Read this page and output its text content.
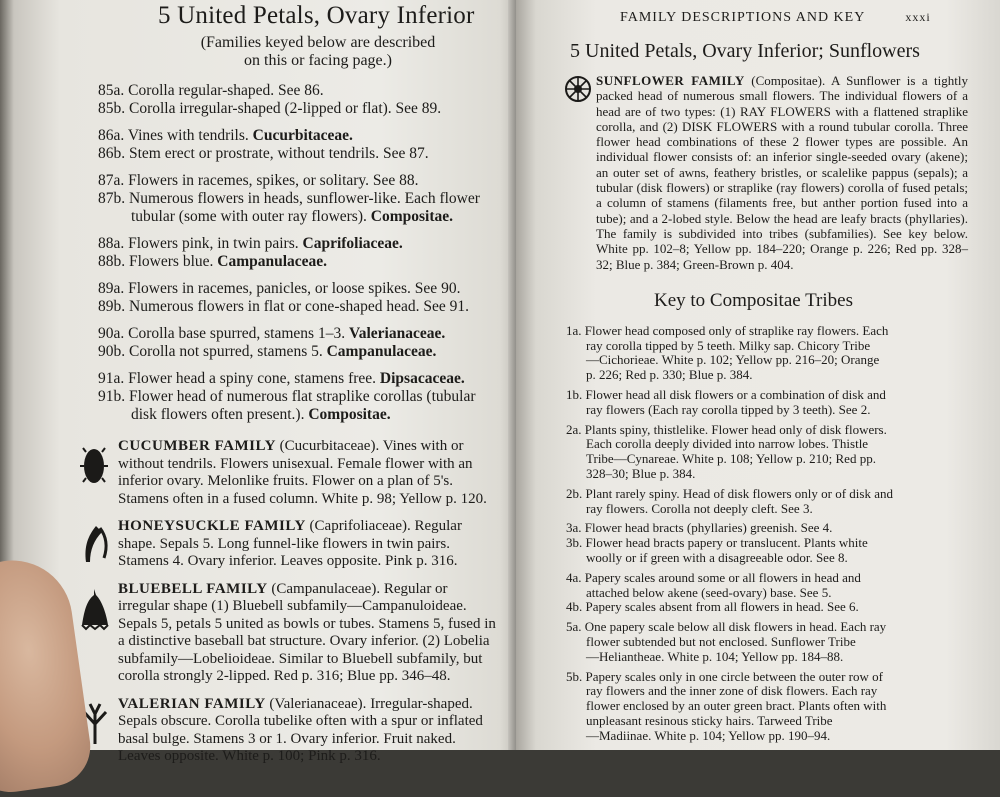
5 United Petals, Ovary Inferior
(Families keyed below are described
on this or facing page.)
85a. Corolla regular-shaped. See 86.
85b. Corolla irregular-shaped (2-lipped or flat). See 89.
86a. Vines with tendrils. Cucurbitaceae.
86b. Stem erect or prostrate, without tendrils. See 87.
87a. Flowers in racemes, spikes, or solitary. See 88.
87b. Numerous flowers in heads, sunflower-like. Each flower
tubular (some with outer ray flowers). Compositae.
88a. Flowers pink, in twin pairs. Caprifoliaceae.
88b. Flowers blue. Campanulaceae.
89a. Flowers in racemes, panicles, or loose spikes. See 90.
89b. Numerous flowers in flat or cone-shaped head. See 91.
90a. Corolla base spurred, stamens 1–3. Valerianaceae.
90b. Corolla not spurred, stamens 5. Campanulaceae.
91a. Flower head a spiny cone, stamens free. Dipsacaceae.
91b. Flower head of numerous flat straplike corollas (tubular
disk flowers often present.). Compositae.
CUCUMBER FAMILY (Cucurbitaceae). Vines with or without tendrils. Flowers unisexual. Female flower with an inferior ovary. Melonlike fruits. Flower on a plan of 5's. Stamens often in a fused column. White p. 98; Yellow p. 120.
HONEYSUCKLE FAMILY (Caprifoliaceae). Regular shape. Sepals 5. Long funnel-like flowers in twin pairs. Stamens 4. Ovary inferior. Leaves opposite. Pink p. 316.
BLUEBELL FAMILY (Campanulaceae). Regular or irregular shape (1) Bluebell subfamily—Campanuloideae. Sepals 5, petals 5 united as bowls or tubes. Stamens 5, fused in a distinctive baseball bat structure. Ovary inferior. (2) Lobelia subfamily—Lobelioideae. Similar to Bluebell subfamily, but corolla strongly 2-lipped. Red p. 316; Blue pp. 346–48.
VALERIAN FAMILY (Valerianaceae). Irregular-shaped. Sepals obscure. Corolla tubelike often with a spur or inflated basal bulge. Stamens 3 or 1. Ovary inferior. Fruit naked. Leaves opposite. White p. 100; Pink p. 316.
FAMILY DESCRIPTIONS AND KEY	xxxi
5 United Petals, Ovary Inferior; Sunflowers
SUNFLOWER FAMILY (Compositae). A Sunflower is a tightly packed head of numerous small flowers. The individual flowers of a head are of two types: (1) RAY FLOWERS with a flattened straplike corolla, and (2) DISK FLOWERS with a round tubular corolla. Three flower head combinations of these 2 flower types are possible. An individual flower consists of: an inferior single-seeded ovary (akene); an outer set of awns, feathery bristles, or scalelike pappus (sepals); a tubular (disk flowers) or straplike (ray flowers) corolla of fused petals; a column of stamens (filaments free, but anther portion fused into a tube); and a 2-lobed style. Below the head are leafy bracts (phyllaries). The family is subdivided into tribes (subfamilies). See key below. White pp. 102–8; Yellow pp. 184–220; Orange p. 226; Red pp. 328–32; Blue p. 384; Green-Brown p. 404.
Key to Compositae Tribes
1a. Flower head composed only of straplike ray flowers. Each
ray corolla tipped by 5 teeth. Milky sap. Chicory Tribe
—Cichorieae. White p. 102; Yellow pp. 216–20; Orange
p. 226; Red p. 330; Blue p. 384.
1b. Flower head all disk flowers or a combination of disk and
ray flowers (Each ray corolla tipped by 3 teeth). See 2.
2a. Plants spiny, thistlelike. Flower head only of disk flowers.
Each corolla deeply divided into narrow lobes. Thistle
Tribe—Cynareae. White p. 108; Yellow p. 210; Red pp.
328–30; Blue p. 384.
2b. Plant rarely spiny. Head of disk flowers only or of disk and
ray flowers. Corolla not deeply cleft. See 3.
3a. Flower head bracts (phyllaries) greenish. See 4.
3b. Flower head bracts papery or translucent. Plants white
woolly or if green with a disagreeable odor. See 8.
4a. Papery scales around some or all flowers in head and
attached below akene (seed-ovary) base. See 5.
4b. Papery scales absent from all flowers in head. See 6.
5a. One papery scale below all disk flowers in head. Each ray
flower subtended but not enclosed. Sunflower Tribe
—Heliantheae. White p. 104; Yellow pp. 184–88.
5b. Papery scales only in one circle between the outer row of
ray flowers and the inner zone of disk flowers. Each ray
flower enclosed by an outer green bract. Plants often with
unpleasant resinous sticky hairs. Tarweed Tribe
—Madiinae. White p. 104; Yellow pp. 190–94.
